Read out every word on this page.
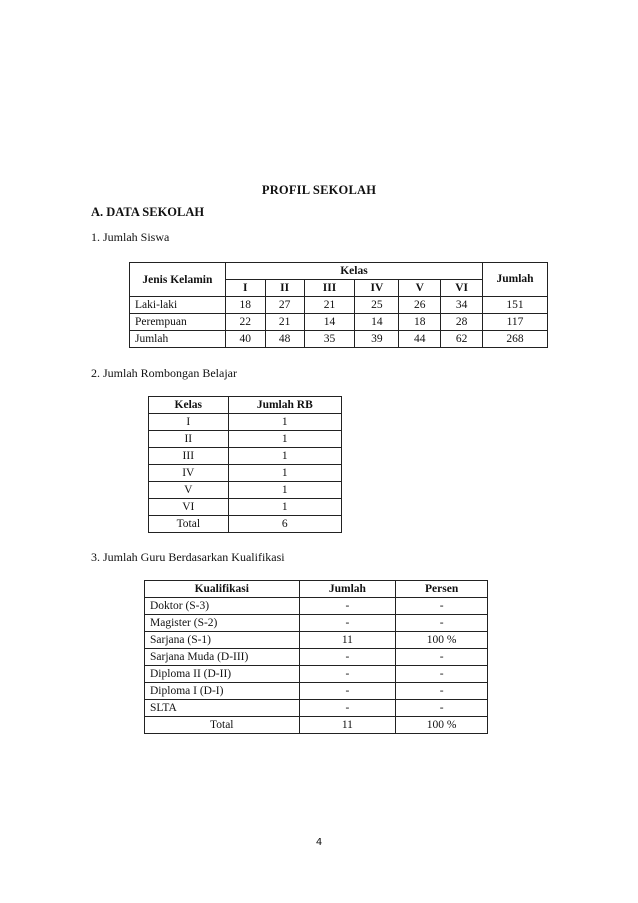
PROFIL SEKOLAH
A. DATA SEKOLAH
1. Jumlah Siswa
Jenis Kelamin	Kelas						Jumlah
	I	II	III	IV	V	VI	
Laki-laki	18	27	21	25	26	34	151
Perempuan	22	21	14	14	18	28	117
Jumlah	40	48	35	39	44	62	268
2. Jumlah Rombongan Belajar
Kelas	Jumlah RB
I	1
II	1
III	1
IV	1
V	1
VI	1
Total	6
3. Jumlah Guru Berdasarkan Kualifikasi
Kualifikasi	Jumlah	Persen
Doktor (S-3)	-	-
Magister (S-2)	-	-
Sarjana (S-1)	11	100 %
Sarjana Muda (D-III)	-	-
Diploma II (D-II)	-	-
Diploma I (D-I)	-	-
SLTA	-	-
Total	11	100 %
4
